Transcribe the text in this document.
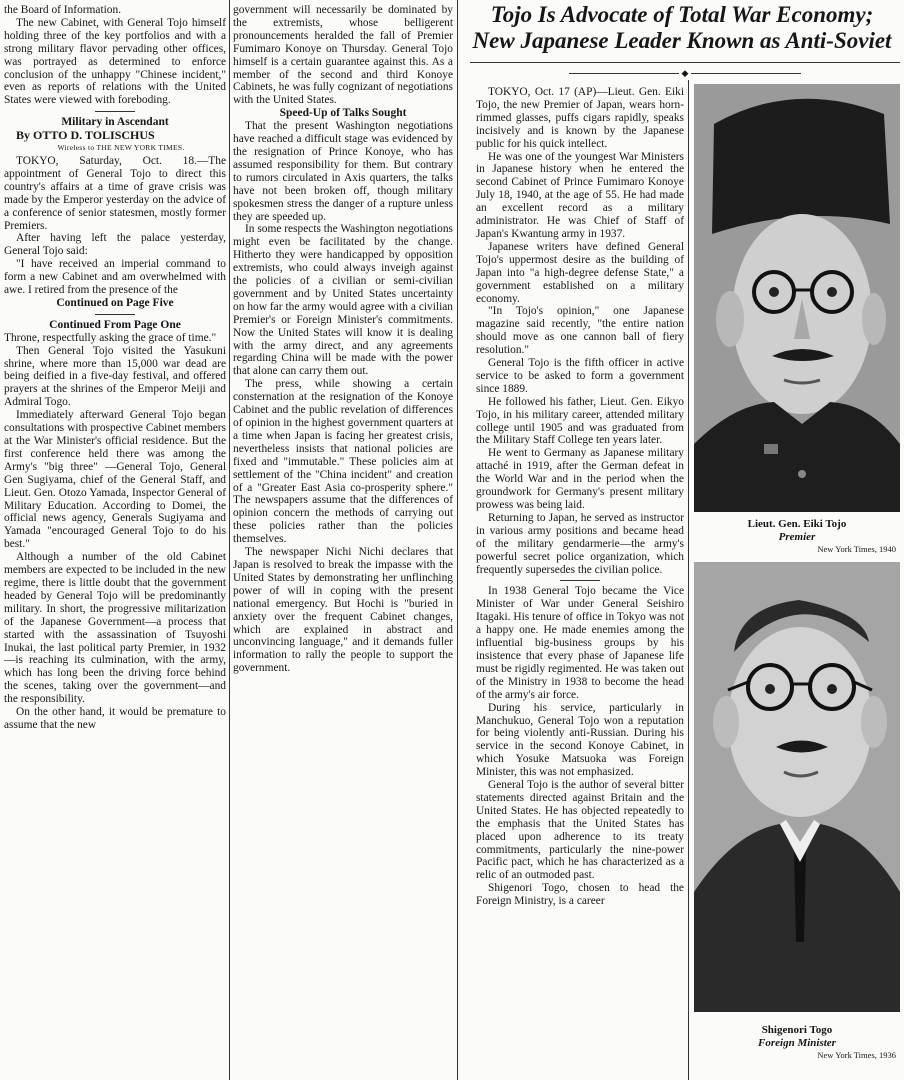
the Board of Information.

The new Cabinet, with General Tojo himself holding three of the key portfolios and with a strong military flavor pervading other offices, was portrayed as determined to enforce conclusion of the unhappy "Chinese incident," even as reports of relations with the United States were viewed with foreboding.

Military in Ascendant

By OTTO D. TOLISCHUS

Wireless to THE NEW YORK TIMES.

TOKYO, Saturday, Oct. 18.—The appointment of General Tojo to direct this country's affairs at a time of grave crisis was made by the Emperor yesterday on the advice of a conference of senior statesmen, mostly former Premiers.

After having left the palace yesterday, General Tojo said:

"I have received an imperial command to form a new Cabinet and am overwhelmed with awe. I retired from the presence of the

Continued on Page Five

Continued From Page One

Throne, respectfully asking the grace of time."

Then General Tojo visited the Yasukuni shrine, where more than 15,000 war dead are being deified in a five-day festival, and offered prayers at the shrines of the Emperor Meiji and Admiral Togo.

Immediately afterward General Tojo began consultations with prospective Cabinet members at the War Minister's official residence. But the first conference held there was among the Army's "big three" —General Tojo, General Gen Sugiyama, chief of the General Staff, and Lieut. Gen. Otozo Yamada, Inspector General of Military Education. According to Domei, the official news agency, Generals Sugiyama and Yamada "encouraged General Tojo to do his best."

Although a number of the old Cabinet members are expected to be included in the new regime, there is little doubt that the government headed by General Tojo will be predominantly military. In short, the progressive militarization of the Japanese Government—a process that started with the assassination of Tsuyoshi Inukai, the last political party Premier, in 1932—is reaching its culmination, with the army, which has long been the driving force behind the scenes, taking over the government—and the responsibility.

On the other hand, it would be premature to assume that the new

government will necessarily be dominated by the extremists, whose belligerent pronouncements heralded the fall of Premier Fumimaro Konoye on Thursday. General Tojo himself is a certain guarantee against this. As a member of the second and third Konoye Cabinets, he was fully cognizant of negotiations with the United States.

Speed-Up of Talks Sought

That the present Washington negotiations have reached a difficult stage was evidenced by the resignation of Prince Konoye, who has assumed responsibility for them. But contrary to rumors circulated in Axis quarters, the talks have not been broken off, though military spokesmen stress the danger of a rupture unless they are speeded up.

In some respects the Washington negotiations might even be facilitated by the change. Hitherto they were handicapped by opposition extremists, who could always inveigh against the policies of a civilian or semi-civilian government and by United States uncertainty on how far the army would agree with a civilian Premier's or Foreign Minister's commitments. Now the United States will know it is dealing with the army direct, and any agreements regarding China will be made with the power that alone can carry them out.

The press, while showing a certain consternation at the resignation of the Konoye Cabinet and the public revelation of differences of opinion in the highest government quarters at a time when Japan is facing her greatest crisis, nevertheless insists that national policies are fixed and "immutable." These policies aim at settlement of the "China incident" and creation of a "Greater East Asia co-prosperity sphere." The newspapers assume that the differences of opinion concern the methods of carrying out these policies rather than the policies themselves.

The newspaper Nichi Nichi declares that Japan is resolved to break the impasse with the United States by demonstrating her unflinching power of will in coping with the present national emergency. But Hochi is "buried in anxiety over the frequent Cabinet changes, which are explained in abstract and unconvincing language," and it demands fuller information to rally the people to support the government.

Tojo Is Advocate of Total War Economy;
New Japanese Leader Known as Anti-Soviet
◆

TOKYO, Oct. 17 (AP)—Lieut. Gen. Eiki Tojo, the new Premier of Japan, wears horn-rimmed glasses, puffs cigars rapidly, speaks incisively and is known by the Japanese public for his quick intellect.

He was one of the youngest War Ministers in Japanese history when he entered the second Cabinet of Prince Fumimaro Konoye July 18, 1940, at the age of 55. He had made an excellent record as a military administrator. He was Chief of Staff of Japan's Kwantung army in 1937.

Japanese writers have defined General Tojo's uppermost desire as the building of Japan into "a high-degree defense State," a government established on a military economy.

"In Tojo's opinion," one Japanese magazine said recently, "the entire nation should move as one cannon ball of fiery resolution."

General Tojo is the fifth officer in active service to be asked to form a government since 1889.

He followed his father, Lieut. Gen. Eikyo Tojo, in his military career, attended military college until 1905 and was graduated from the Military Staff College ten years later.

He went to Germany as Japanese military attaché in 1919, after the German defeat in the World War and in the period when the groundwork for Germany's present military prowess was being laid.

Returning to Japan, he served as instructor in various army positions and became head of the military gendarmerie—the army's powerful secret police organization, which frequently supersedes the civilian police.

In 1938 General Tojo became the Vice Minister of War under General Seishiro Itagaki. His tenure of office in Tokyo was not a happy one. He made enemies among the influential big-business groups by his insistence that every phase of Japanese life must be rigidly regimented. He was taken out of the Ministry in 1938 to become the head of the army's air force.

During his service, particularly in Manchukuo, General Tojo won a reputation for being violently anti-Russian. During his service in the second Konoye Cabinet, in which Yosuke Matsuoka was Foreign Minister, this was not emphasized.

General Tojo is the author of several bitter statements directed against Britain and the United States. He has objected repeatedly to the emphasis that the United States has placed upon adherence to its treaty commitments, particularly the nine-power Pacific pact, which he has characterized as a relic of an outmoded past.

Shigenori Togo, chosen to head the Foreign Ministry, is a career

Lieut. Gen. Eiki Tojo
Premier
New York Times, 1940
Shigenori Togo
Foreign Minister
New York Times, 1936
